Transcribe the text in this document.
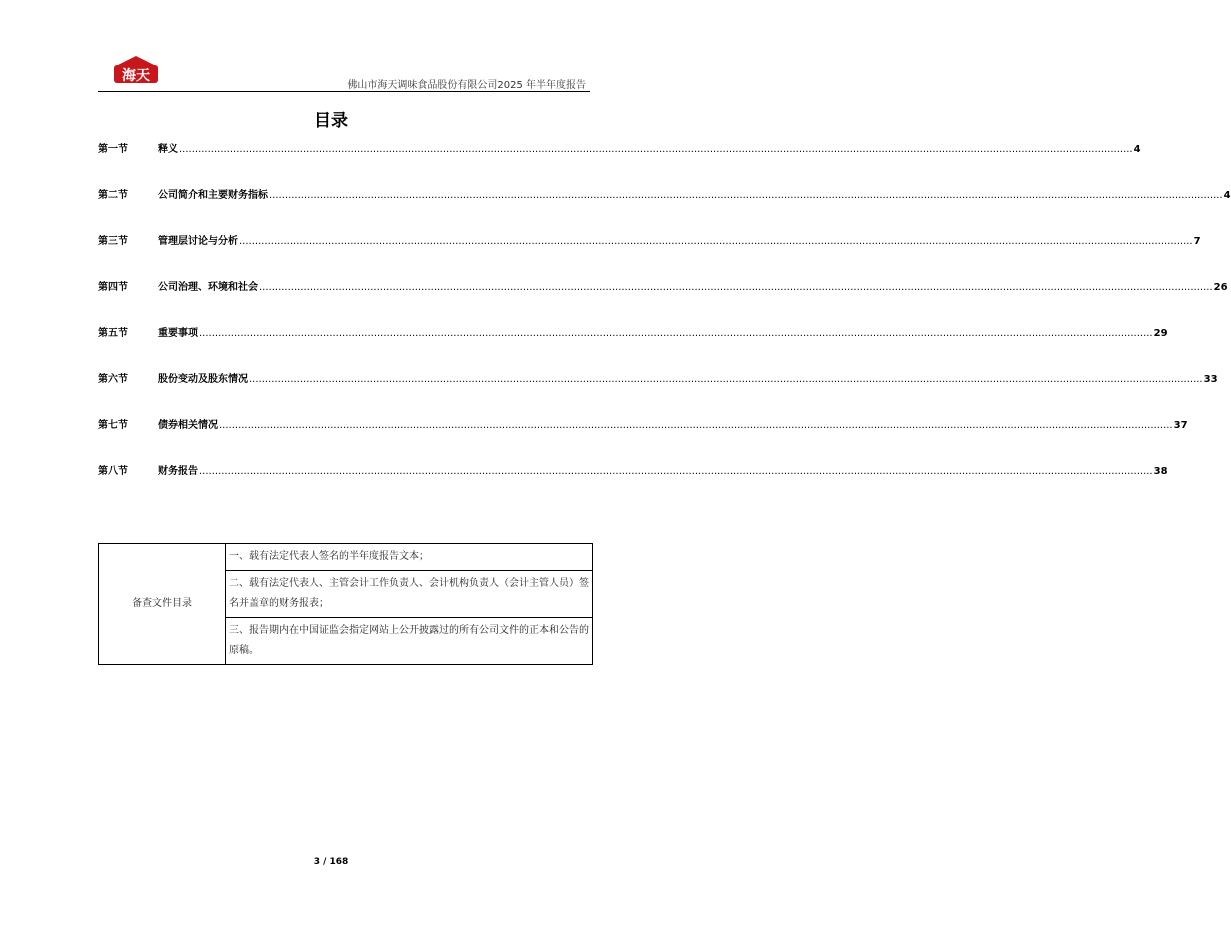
海天
佛山市海天调味食品股份有限公司2025 年半年度报告
目录
第一节	释义 ............................................................................................................................................................................................................................................................................................................ 4
第二节	公司简介和主要财务指标 ............................................................................................................................................................................................................................................................................................................ 4
第三节	管理层讨论与分析 ............................................................................................................................................................................................................................................................................................................ 7
第四节	公司治理、环境和社会 ............................................................................................................................................................................................................................................................................................................ 26
第五节	重要事项 ............................................................................................................................................................................................................................................................................................................ 29
第六节	股份变动及股东情况 ............................................................................................................................................................................................................................................................................................................ 33
第七节	债券相关情况 ............................................................................................................................................................................................................................................................................................................ 37
第八节	财务报告 ............................................................................................................................................................................................................................................................................................................ 38
备查文件目录	一、载有法定代表人签名的半年度报告文本；
二、载有法定代表人、主管会计工作负责人、会计机构负责人（会计主管人员）签名并盖章的财务报表；
三、报告期内在中国证监会指定网站上公开披露过的所有公司文件的正本和公告的原稿。
3 / 168
